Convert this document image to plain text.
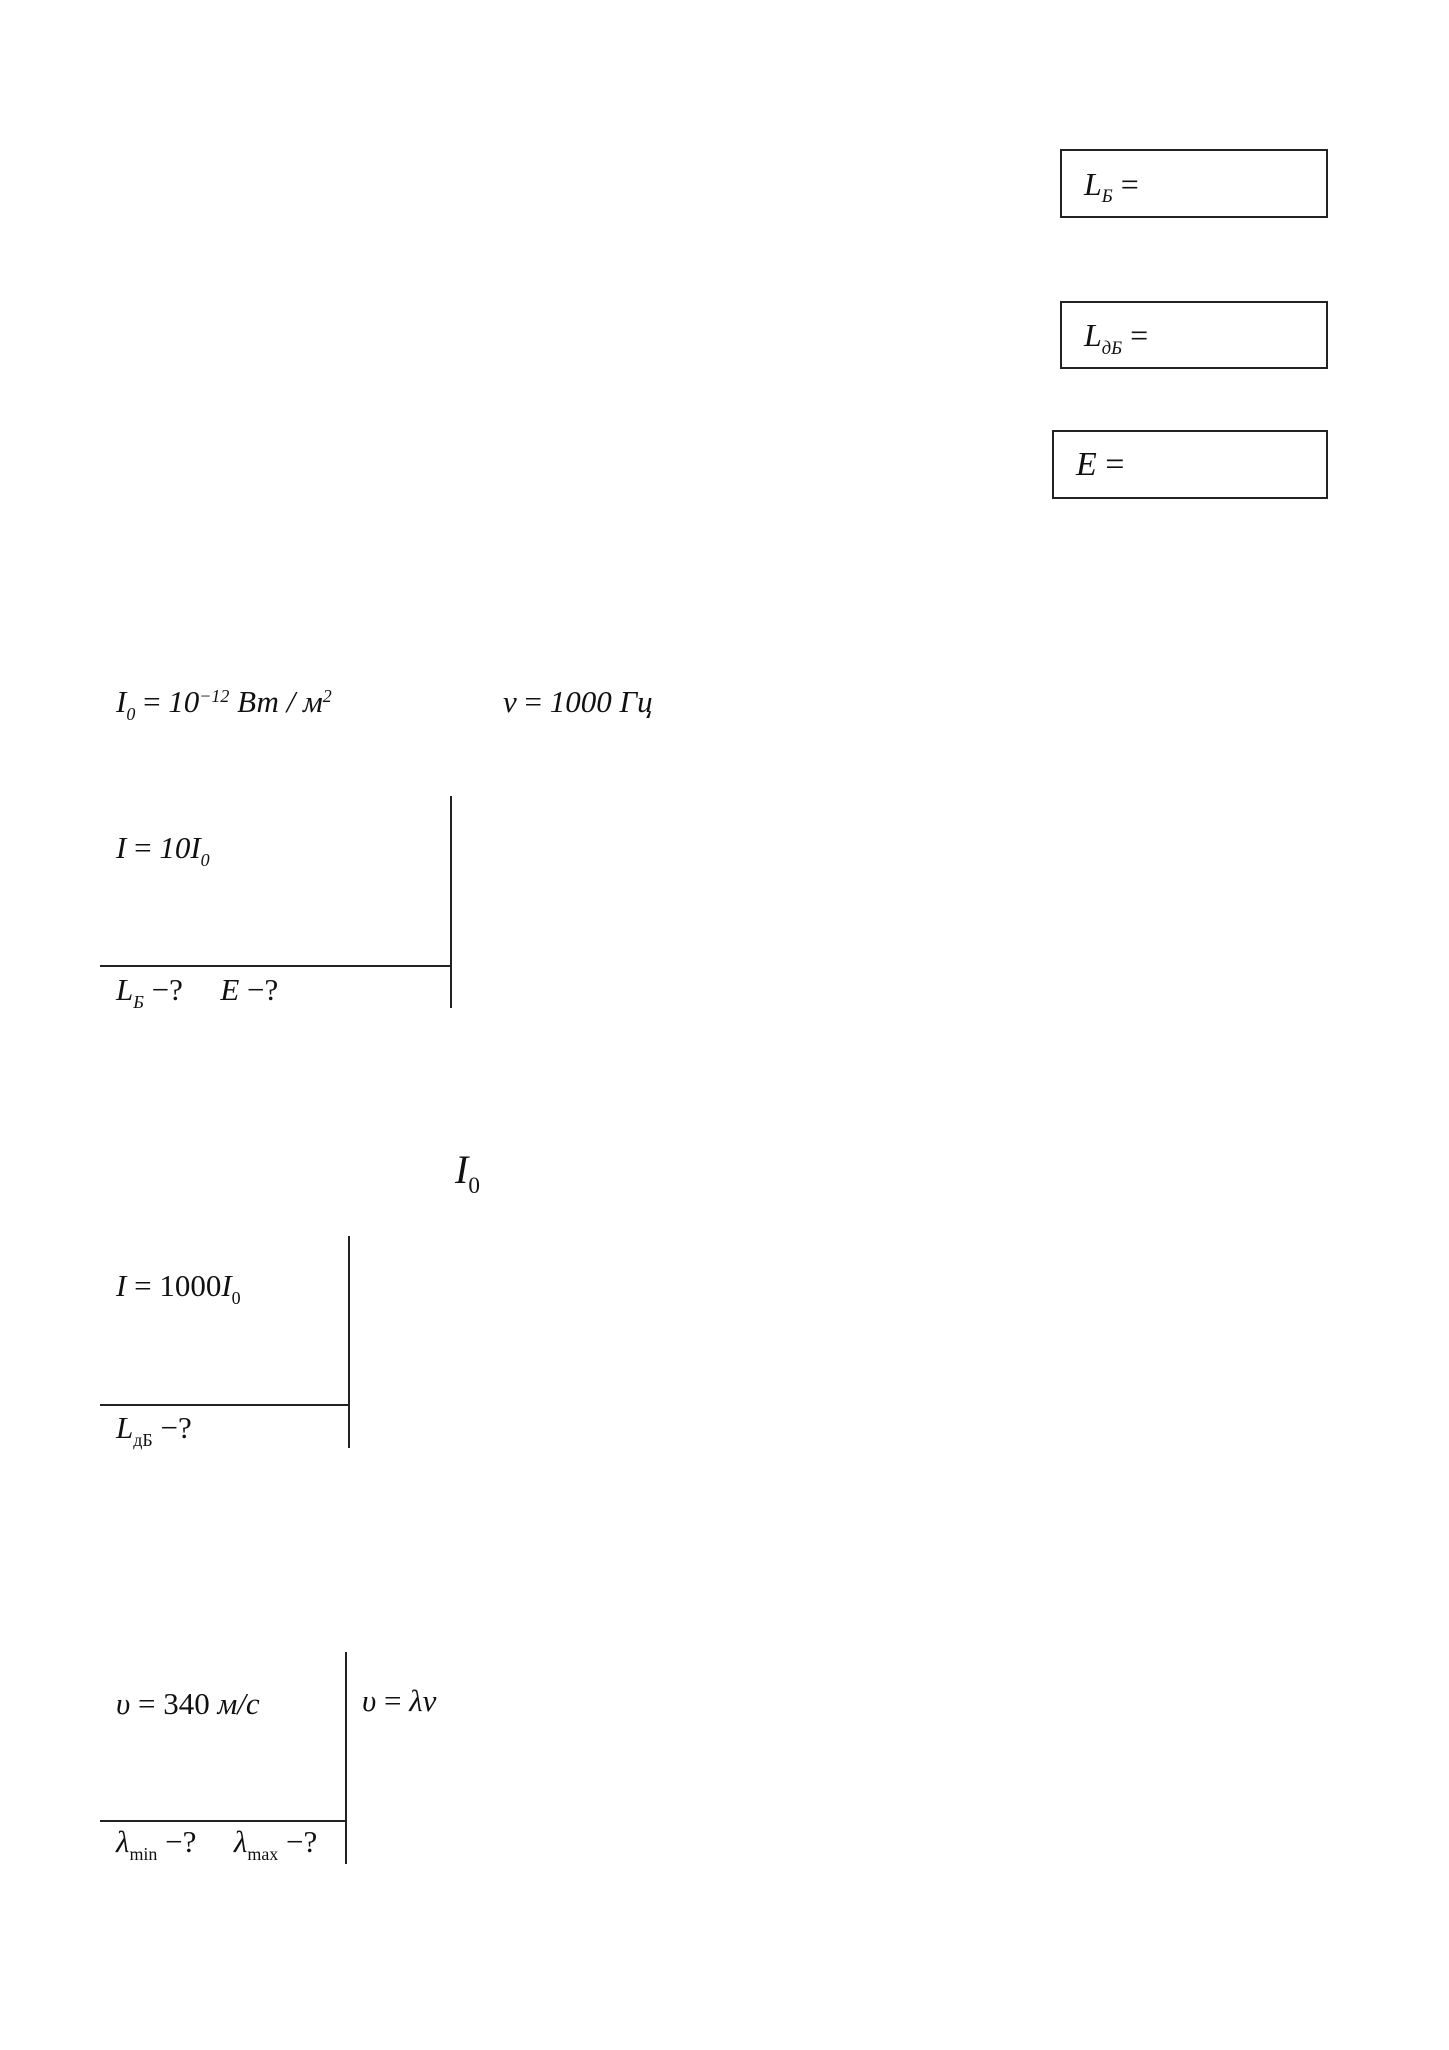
$L_Б$ =
$L_{дБ}$ =
E =
$I_0 = 10^{-12}$ Вт / $м^2$	ν = 1000 Гц
$I = 10I_0$
$L_Б$ −? E −?
$I_0$
$I = 1000I_0$
$L_{дБ}$ −?
υ = 340 м/с	υ = λν
$\lambda_{min}$ −? $\lambda_{max}$ −?
